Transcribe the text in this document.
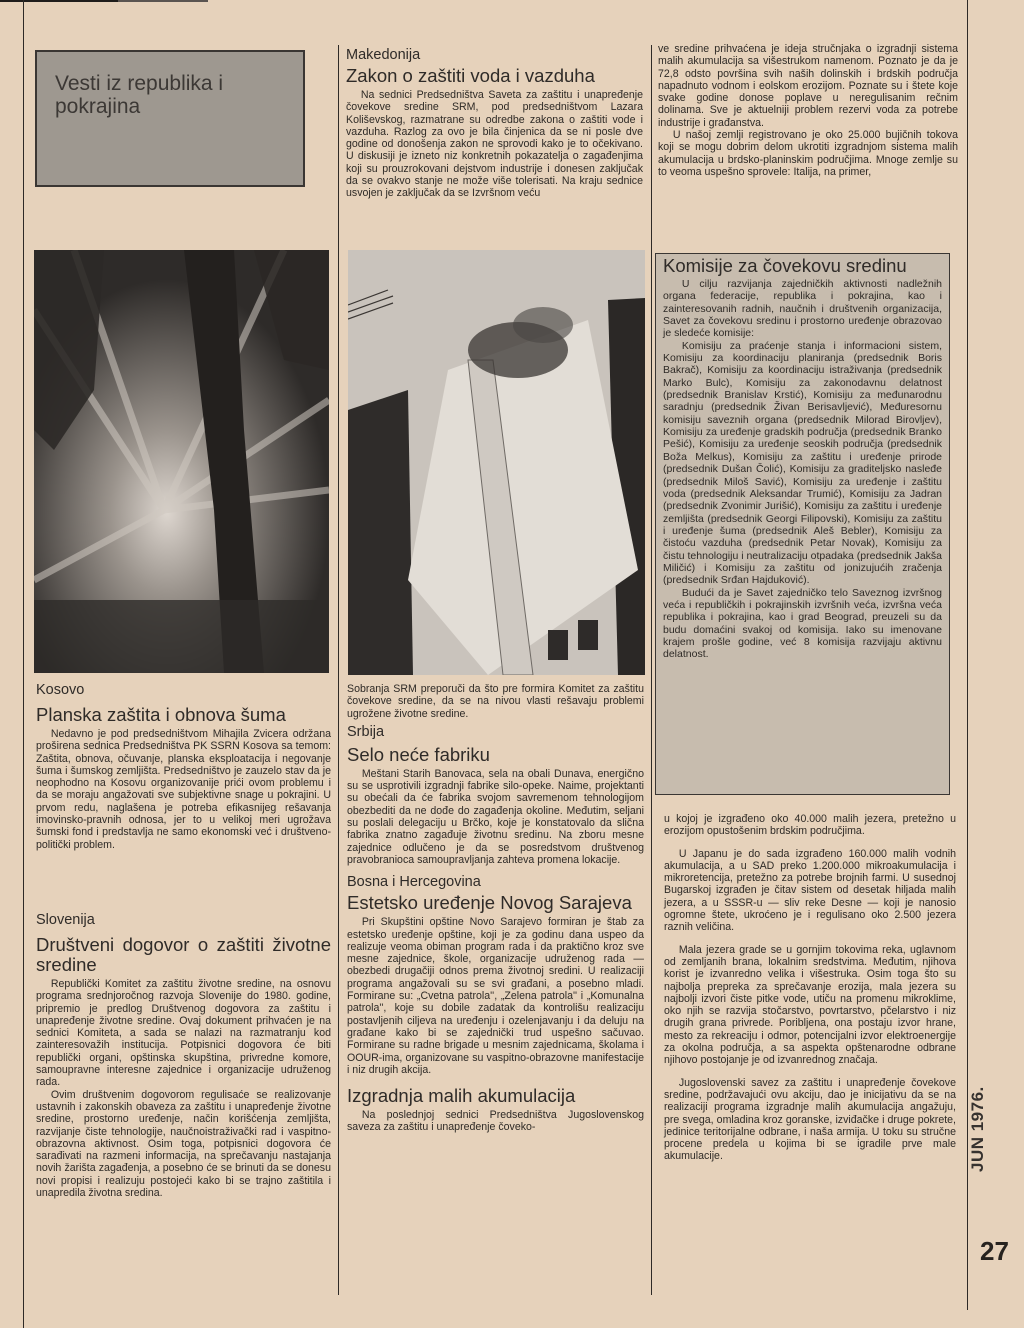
Vesti iz republika i pokrajina
Makedonija
Zakon o zaštiti voda i vazduha

Na sednici Predsedništva Saveta za zaštitu i unapređenje čovekove sredine SRM, pod predsedništvom Lazara Koliševskog, razmatrane su odredbe zakona o zaštiti vode i vazduha. Razlog za ovo je bila činjenica da se ni posle dve godine od donošenja zakon ne sprovodi kako je to očekivano. U diskusiji je izneto niz konkretnih pokazatelja o zagađenjima koji su prouzrokovani dejstvom industrije i donesen zaključak da se ovakvo stanje ne može više tolerisati. Na kraju sednice usvojen je zaključak da se Izvršnom veću

ve sredine prihvaćena je ideja stručnjaka o izgradnji sistema malih akumulacija sa višestrukom namenom. Poznato je da je 72,8 odsto površina svih naših dolinskih i brdskih područja napadnuto vodnom i eolskom erozijom. Poznate su i štete koje svake godine donose poplave u neregulisanim rečnim dolinama. Sve je aktuelniji problem rezervi voda za potrebe industrije i građanstva.

U našoj zemlji registrovano je oko 25.000 bujičnih tokova koji se mogu dobrim delom ukrotiti izgradnjom sistema malih akumulacija u brdsko-planinskim područjima. Mnoge zemlje su to veoma uspešno sprovele: Italija, na primer,

Komisije za čovekovu sredinu

U cilju razvijanja zajedničkih aktivnosti nadležnih organa federacije, republika i pokrajina, kao i zainteresovanih radnih, naučnih i društvenih organizacija, Savet za čovekovu sredinu i prostorno uređenje obrazovao je sledeće komisije:

Komisiju za praćenje stanja i informacioni sistem, Komisiju za koordinaciju planiranja (predsednik Boris Bakrač), Komisiju za koordinaciju istraživanja (predsednik Marko Bulc), Komisiju za zakonodavnu delatnost (predsednik Branislav Krstić), Komisiju za međunarodnu saradnju (predsednik Živan Berisavljević), Međuresornu komisiju saveznih organa (predsednik Milorad Birovljev), Komisiju za uređenje gradskih područja (predsednik Branko Pešić), Komisiju za uređenje seoskih područja (predsednik Boža Melkus), Komisiju za zaštitu i uređenje prirode (predsednik Dušan Čolić), Komisiju za graditeljsko nasleđe (predsednik Miloš Savić), Komisiju za uređenje i zaštitu voda (predsednik Aleksandar Trumić), Komisiju za Jadran (predsednik Zvonimir Jurišić), Komisiju za zaštitu i uređenje zemljišta (predsednik Georgi Filipovski), Komisiju za zaštitu i uređenje šuma (predsednik Aleš Bebler), Komisiju za čistoću vazduha (predsednik Petar Novak), Komisiju za čistu tehnologiju i neutralizaciju otpadaka (predsednik Jakša Miličić) i Komisiju za zaštitu od jonizujućih zračenja (predsednik Srđan Hajduković).

Budući da je Savet zajedničko telo Saveznog izvršnog veća i republičkih i pokrajinskih izvršnih veća, izvršna veća republika i pokrajina, kao i grad Beograd, preuzeli su da budu domaćini svakoj od komisija. Iako su imenovane krajem prošle godine, već 8 komisija razvijaju aktivnu delatnost.

Kosovo
Planska zaštita i obnova šuma

Nedavno je pod predsedništvom Mihajila Zvicera održana proširena sednica Predsedništva PK SSRN Kosova sa temom: Zaštita, obnova, očuvanje, planska eksploatacija i negovanje šuma i šumskog zemljišta. Predsedništvo je zauzelo stav da je neophodno na Kosovu organizovanije prići ovom problemu i da se moraju angažovati sve subjektivne snage u pokrajini. U prvom redu, naglašena je potreba efikasnijeg rešavanja imovinsko-pravnih odnosa, jer to u velikoj meri ugrožava šumski fond i predstavlja ne samo ekonomski već i društveno-politički problem.

Slovenija
Društveni dogovor o zaštiti životne sredine

Republički Komitet za zaštitu životne sredine, na osnovu programa srednjoročnog razvoja Slovenije do 1980. godine, pripremio je predlog Društvenog dogovora za zaštitu i unapređenje životne sredine. Ovaj dokument prihvaćen je na sednici Komiteta, a sada se nalazi na razmatranju kod zainteresovažih institucija. Potpisnici dogovora će biti republički organi, opštinska skupština, privredne komore, samoupravne interesne zajednice i organizacije udruženog rada.

Ovim društvenim dogovorom regulisaće se realizovanje ustavnih i zakonskih obaveza za zaštitu i unapređenje životne sredine, prostorno uređenje, način korišćenja zemljišta, razvijanje čiste tehnologije, naučnoistraživački rad i vaspitno-obrazovna aktivnost. Osim toga, potpisnici dogovora će sarađivati na razmeni informacija, na sprečavanju nastajanja novih žarišta zagađenja, a posebno će se brinuti da se donesu novi propisi i realizuju postojeći kako bi se trajno zaštitila i unapredila životna sredina.

Sobranja SRM preporuči da što pre formira Komitet za zaštitu čovekove sredine, da se na nivou vlasti rešavaju problemi ugrožene životne sredine.

Srbija
Selo neće fabriku

Meštani Starih Banovaca, sela na obali Dunava, energično su se usprotivili izgradnji fabrike silo-opeke. Naime, projektanti su obećali da će fabrika svojom savremenom tehnologijom obezbediti da ne dođe do zagađenja okoline. Međutim, seljani su poslali delegaciju u Brčko, koje je konstatovalo da slična fabrika znatno zagađuje životnu sredinu. Na zboru mesne zajednice odlučeno je da se posredstvom društvenog pravobranioca samoupravljanja zahteva promena lokacije.

Bosna i Hercegovina
Estetsko uređenje Novog Sarajeva

Pri Skupštini opštine Novo Sarajevo formiran je štab za estetsko uređenje opštine, koji je za godinu dana uspeo da realizuje veoma obiman program rada i da praktično kroz sve mesne zajednice, škole, organizacije udruženog rada — obezbedi drugačiji odnos prema životnoj sredini. U realizaciji programa angažovali su se svi građani, a posebno mladi. Formirane su: „Cvetna patrola'', „Zelena patrola'' i „Komunalna patrola'', koje su dobile zadatak da kontrolišu realizaciju postavljenih ciljeva na uređenju i ozelenjavanju i da deluju na građane kako bi se zajednički trud uspešno sačuvao. Formirane su radne brigade u mesnim zajednicama, školama i OOUR-ima, organizovane su vaspitno-obrazovne manifestacije i niz drugih akcija.

Izgradnja malih akumulacija

Na poslednjoj sednici Predsedništva Jugoslovenskog saveza za zaštitu i unapređenje čoveko-

u kojoj je izgrađeno oko 40.000 malih jezera, pretežno u erozijom opustošenim brdskim područjima.

U Japanu je do sada izgrađeno 160.000 malih vodnih akumulacija, a u SAD preko 1.200.000 mikroakumulacija i mikroretencija, pretežno za potrebe brojnih farmi. U susednoj Bugarskoj izgrađen je čitav sistem od desetak hiljada malih jezera, a u SSSR-u — sliv reke Desne — koji je nanosio ogromne štete, ukroćeno je i regulisano oko 2.500 jezera raznih veličina.

Mala jezera grade se u gornjim tokovima reka, uglavnom od zemljanih brana, lokalnim sredstvima. Međutim, njihova korist je izvanredno velika i višestruka. Osim toga što su najbolja prepreka za sprečavanje erozija, mala jezera su najbolji izvori čiste pitke vode, utiču na promenu mikroklime, oko njih se razvija stočarstvo, povrtarstvo, pčelarstvo i niz drugih grana privrede. Poribljena, ona postaju izvor hrane, mesto za rekreaciju i odmor, potencijalni izvor elektroenergije za okolna područja, a sa aspekta opštenarodne odbrane njihovo postojanje je od izvanrednog značaja.

Jugoslovenski savez za zaštitu i unapređenje čovekove sredine, podržavajući ovu akciju, dao je inicijativu da se na realizaciji programa izgradnje malih akumulacija angažuju, pre svega, omladina kroz goranske, izviđačke i druge pokrete, jedinice teritorijalne odbrane, i naša armija. U toku su stručne procene predela u kojima bi se igradile prve male akumulacije.	JUN 1976.
27
